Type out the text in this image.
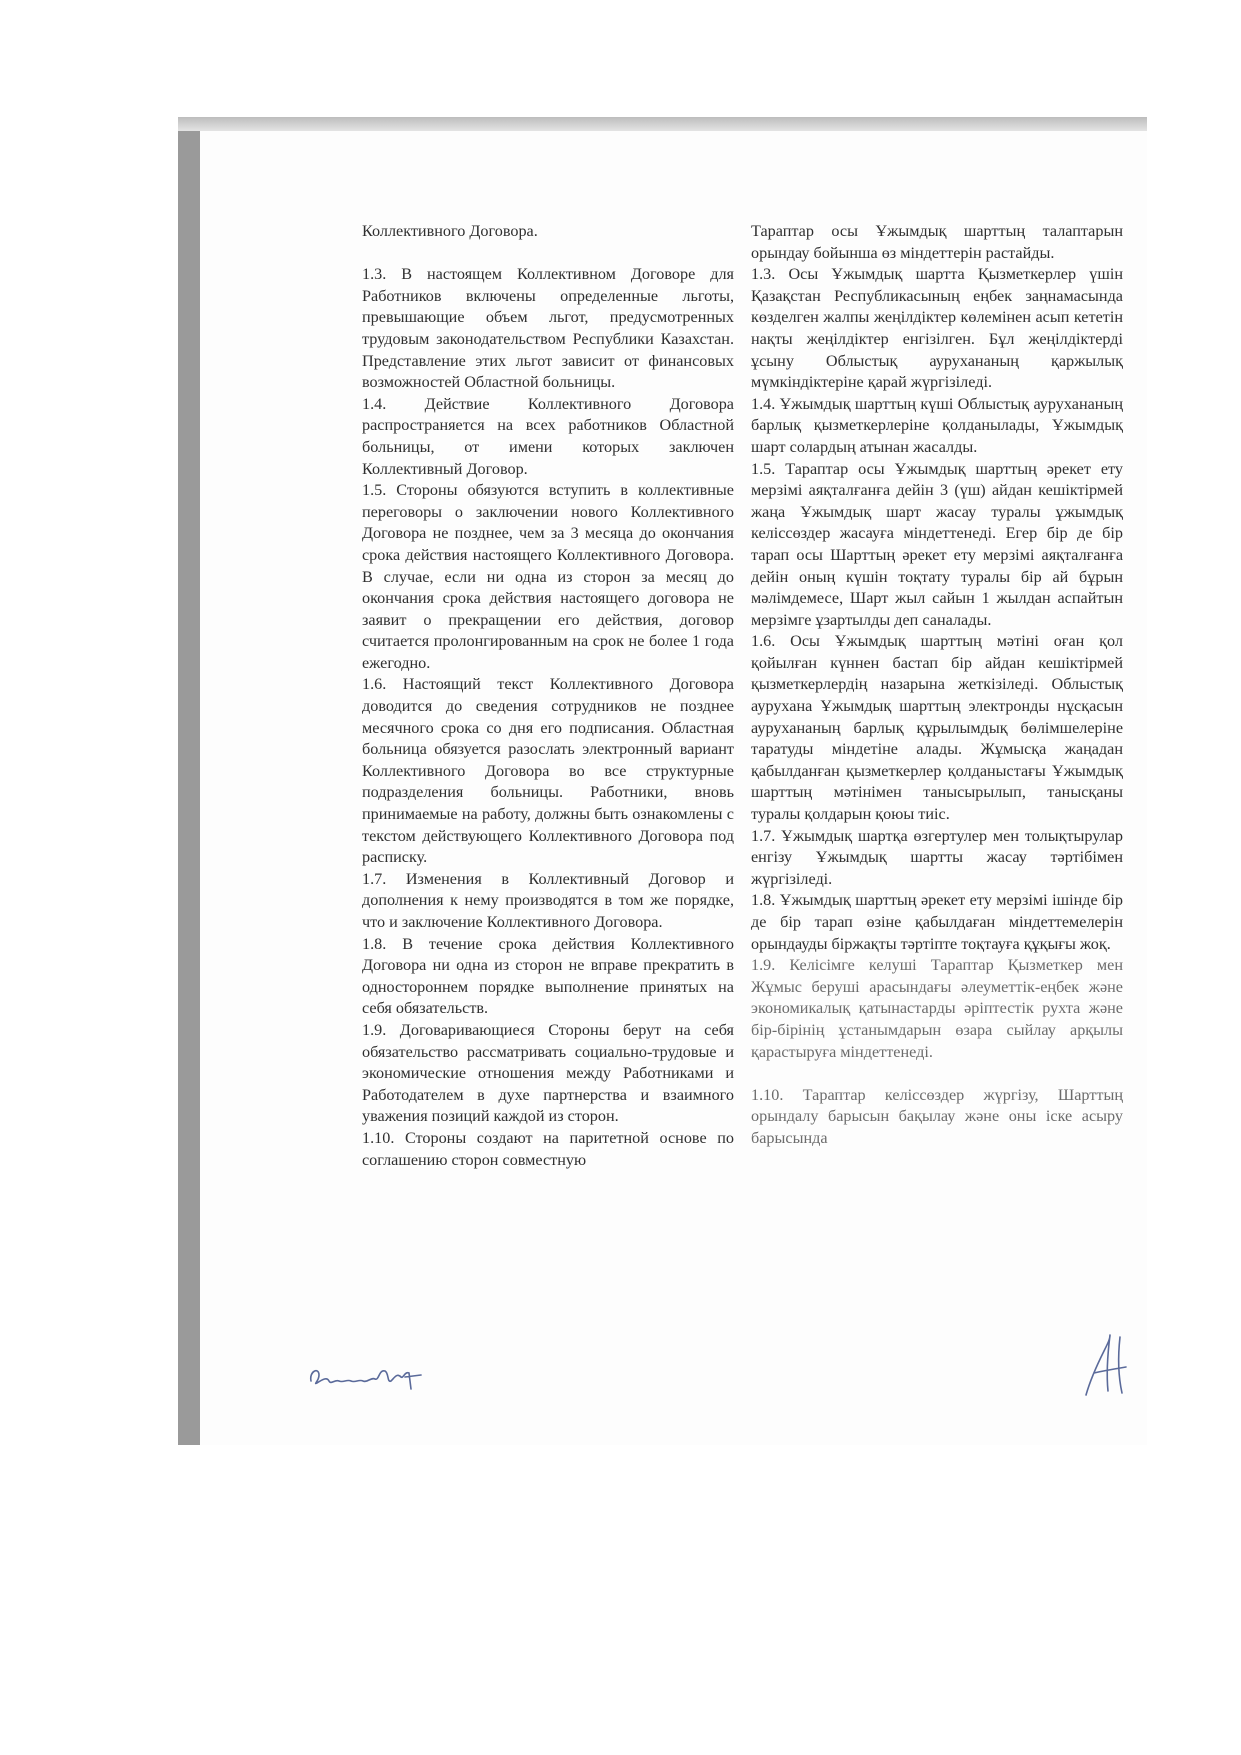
Коллективного Договора.

1.3. В настоящем Коллективном Договоре для Работников включены определенные льготы, превышающие объем льгот, предусмотренных трудовым законодательством Республики Казахстан. Представление этих льгот зависит от финансовых возможностей Областной больницы.

1.4. Действие Коллективного Договора распространяется на всех работников Областной больницы, от имени которых заключен Коллективный Договор.

1.5. Стороны обязуются вступить в коллективные переговоры о заключении нового Коллективного Договора не позднее, чем за 3 месяца до окончания срока действия настоящего Коллективного Договора. В случае, если ни одна из сторон за месяц до окончания срока действия настоящего договора не заявит о прекращении его действия, договор считается пролонгированным на срок не более 1 года ежегодно.

1.6. Настоящий текст Коллективного Договора доводится до сведения сотрудников не позднее месячного срока со дня его подписания. Областная больница обязуется разослать электронный вариант Коллективного Договора во все структурные подразделения больницы. Работники, вновь принимаемые на работу, должны быть ознакомлены с текстом действующего Коллективного Договора под расписку.

1.7. Изменения в Коллективный Договор и дополнения к нему производятся в том же порядке, что и заключение Коллективного Договора.

1.8. В течение срока действия Коллективного Договора ни одна из сторон не вправе прекратить в одностороннем порядке выполнение принятых на себя обязательств.

1.9. Договаривающиеся Стороны берут на себя обязательство рассматривать социально-трудовые и экономические отношения между Работниками и Работодателем в духе партнерства и взаимного уважения позиций каждой из сторон.

1.10. Стороны создают на паритетной основе по соглашению сторон совместную

Тараптар осы Ұжымдық шарттың талаптарын орындау бойынша өз міндеттерін растайды.

1.3. Осы Ұжымдық шартта Қызметкерлер үшін Қазақстан Республикасының еңбек заңнамасында көзделген жалпы жеңілдіктер көлемінен асып кететін нақты жеңілдіктер енгізілген. Бұл жеңілдіктерді ұсыну Облыстық аурухананың қаржылық мүмкіндіктеріне қарай жүргізіледі.

1.4. Ұжымдық шарттың күші Облыстық аурухананың барлық қызметкерлеріне қолданылады, Ұжымдық шарт солардың атынан жасалды.

1.5. Тараптар осы Ұжымдық шарттың әрекет ету мерзімі аяқталғанға дейін 3 (үш) айдан кешіктірмей жаңа Ұжымдық шарт жасау туралы ұжымдық келіссөздер жасауға міндеттенеді. Егер бір де бір тарап осы Шарттың әрекет ету мерзімі аяқталғанға дейін оның күшін тоқтату туралы бір ай бұрын мәлімдемесе, Шарт жыл сайын 1 жылдан аспайтын мерзімге ұзартылды деп саналады.

1.6. Осы Ұжымдық шарттың мәтіні оған қол қойылған күннен бастап бір айдан кешіктірмей қызметкерлердің назарына жеткізіледі. Облыстық аурухана Ұжымдық шарттың электронды нұсқасын аурухананың барлық құрылымдық бөлімшелеріне таратуды міндетіне алады. Жұмысқа жаңадан қабылданған қызметкерлер қолданыстағы Ұжымдық шарттың мәтінімен танысырылып, танысқаны туралы қолдарын қоюы тиіс.

1.7. Ұжымдық шартқа өзгертулер мен толықтырулар енгізу Ұжымдық шартты жасау тәртібімен жүргізіледі.

1.8. Ұжымдық шарттың әрекет ету мерзімі ішінде бір де бір тарап өзіне қабылдаған міндеттемелерін орындауды біржақты тәртіпте тоқтауға құқығы жоқ.

1.9. Келісімге келуші Тараптар Қызметкер мен Жұмыс беруші арасындағы әлеуметтік-еңбек және экономикалық қатынастарды әріптестік рухта және бір-бірінің ұстанымдарын өзара сыйлау арқылы қарастыруға міндеттенеді.

1.10. Тараптар келіссөздер жүргізу, Шарттың орындалу барысын бақылау және оны іске асыру барысында
